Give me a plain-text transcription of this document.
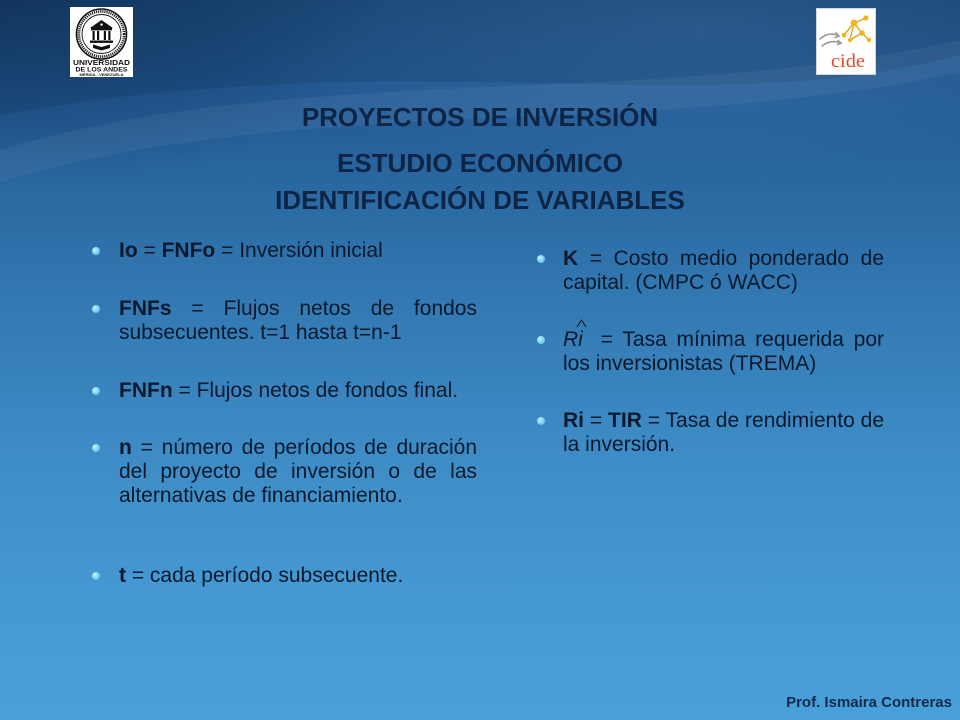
UNIVERSIDAD
DE LOS ANDES
MÉRIDA - VENEZUELA
cide
PROYECTOS DE INVERSIÓN
ESTUDIO ECONÓMICO
IDENTIFICACIÓN DE VARIABLES

Io = FNFo = Inversión inicial

FNFs = Flujos netos de fondos subsecuentes. t=1 hasta t=n-1

FNFn = Flujos netos de fondos final.

n = número de períodos de duración del proyecto de inversión o de las alternativas de financiamiento.

t = cada período subsecuente.

K = Costo medio ponderado de capital. (CMPC ó WACC)

Ri
= Tasa mínima requerida por los inversionistas (TREMA)

Ri = TIR = Tasa de rendimiento de la inversión.

Prof. Ismaira Contreras
